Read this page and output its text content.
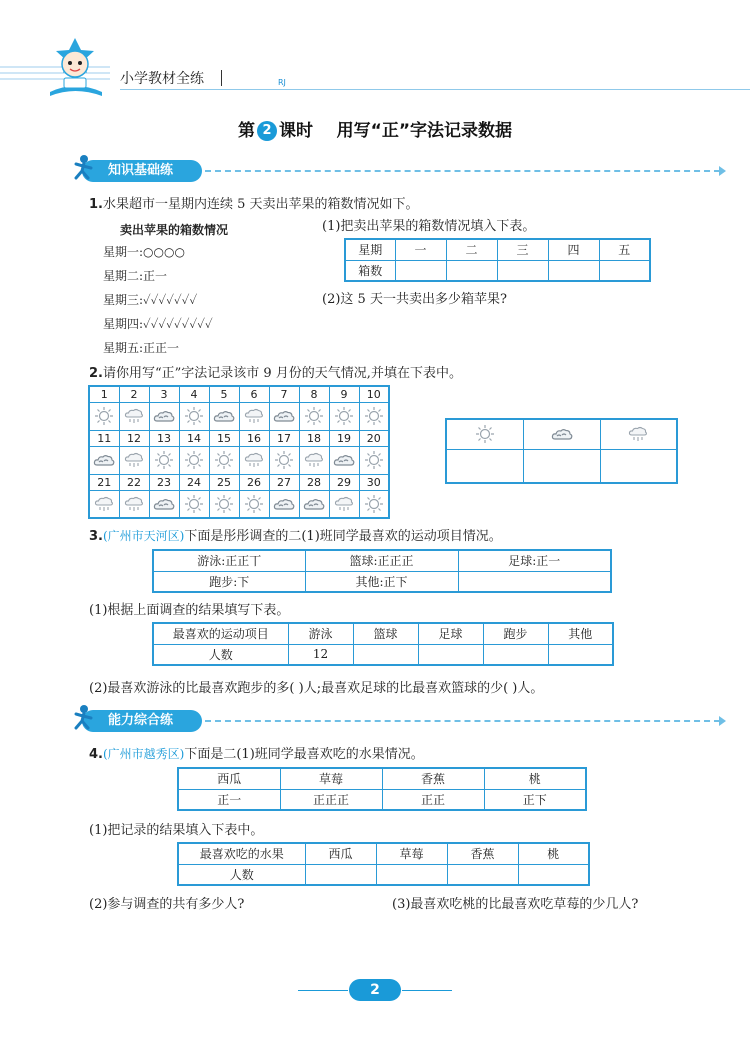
小学教材全练	RJ
第 2 课时 用写“正”字法记录数据
知识基础练
1.水果超市一星期内连续 5 天卖出苹果的箱数情况如下。
卖出苹果的箱数情况
星期一:○○○○
星期二:正一
星期三:✓✓✓✓✓✓✓
星期四:✓✓✓✓✓✓✓✓✓
星期五:正正一
(1)把卖出苹果的箱数情况填入下表。
星期	一	二	三	四	五
箱数					
(2)这 5 天一共卖出多少箱苹果?
2.请你用写“正”字法记录该市 9 月份的天气情况,并填在下表中。
1	2	3	4	5	6	7	8	9	10

11	12	13	14	15	16	17	18	19	20

21	22	23	24	25	26	27	28	29	30

3.(广州市天河区)下面是彤彤调查的二(1)班同学最喜欢的运动项目情况。
游泳:正正丅	篮球:正正正	足球:正一
跑步:下	其他:正下	
(1)根据上面调查的结果填写下表。
最喜欢的运动项目	游泳	篮球	足球	跑步	其他
人数	12				
(2)最喜欢游泳的比最喜欢跑步的多( )人;最喜欢足球的比最喜欢篮球的少( )人。
能力综合练
4.(广州市越秀区)下面是二(1)班同学最喜欢吃的水果情况。
西瓜	草莓	香蕉	桃
正一	正正正	正正	正下
(1)把记录的结果填入下表中。
最喜欢吃的水果	西瓜	草莓	香蕉	桃
人数				
(2)参与调查的共有多少人?	(3)最喜欢吃桃的比最喜欢吃草莓的少几人?
2
